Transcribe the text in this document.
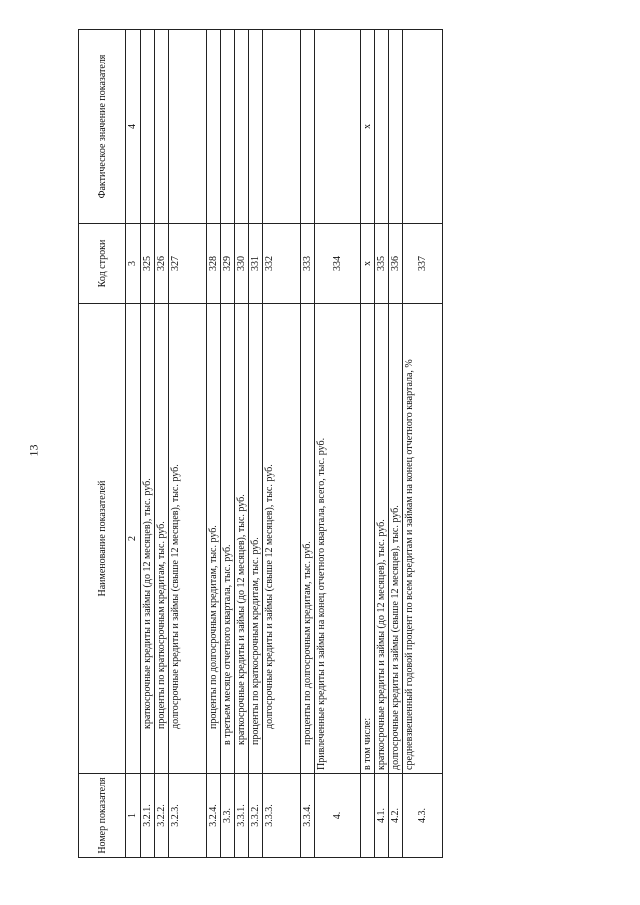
13
Номер показателя	Наименование показателей	Код строки	Фактическое значение показателя
1	2	3	4
3.2.1.	краткосрочные кредиты и займы (до 12 месяцев), тыс. руб.	325	
3.2.2.	проценты по краткосрочным кредитам, тыс. руб.	326	
3.2.3.	долгосрочные кредиты и займы (свыше 12 месяцев), тыс. руб.	327	
3.2.4.	проценты по долгосрочным кредитам, тыс. руб.	328	
3.3.	в третьем месяце отчетного квартала, тыс. руб.	329	
3.3.1.	краткосрочные кредиты и займы (до 12 месяцев), тыс. руб.	330	
3.3.2.	проценты по краткосрочным кредитам, тыс. руб.	331	
3.3.3.	долгосрочные кредиты и займы (свыше 12 месяцев), тыс. руб.	332	
3.3.4.	проценты по долгосрочным кредитам, тыс. руб.	333	
4.	Привлеченные кредиты и займы на конец отчетного квартала, всего, тыс. руб.	334	
	в том числе:	x	x
4.1.	краткосрочные кредиты и займы (до 12 месяцев), тыс. руб.	335	
4.2.	долгосрочные кредиты и займы (свыше 12 месяцев), тыс. руб.	336	
4.3.	средневзвешенный годовой процент по всем кредитам и займам на конец отчетного квартала, %	337	
